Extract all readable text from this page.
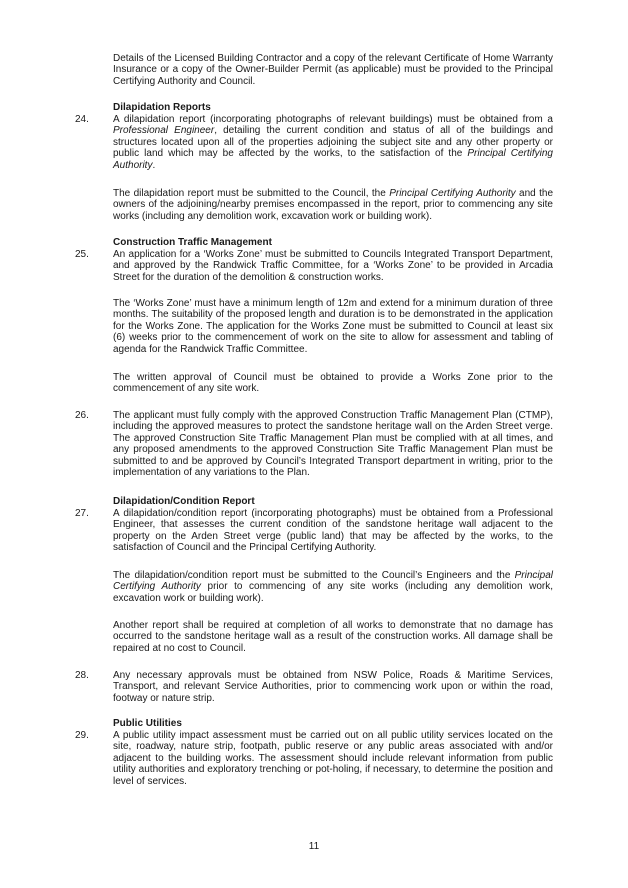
Details of the Licensed Building Contractor and a copy of the relevant Certificate of Home Warranty Insurance or a copy of the Owner-Builder Permit (as applicable) must be provided to the Principal Certifying Authority and Council.

Dilapidation Reports
24. A dilapidation report (incorporating photographs of relevant buildings) must be obtained from a Professional Engineer, detailing the current condition and status of all of the buildings and structures located upon all of the properties adjoining the subject site and any other property or public land which may be affected by the works, to the satisfaction of the Principal Certifying Authority.

The dilapidation report must be submitted to the Council, the Principal Certifying Authority and the owners of the adjoining/nearby premises encompassed in the report, prior to commencing any site works (including any demolition work, excavation work or building work).

Construction Traffic Management
25. An application for a ‘Works Zone’ must be submitted to Councils Integrated Transport Department, and approved by the Randwick Traffic Committee, for a ‘Works Zone’ to be provided in Arcadia Street for the duration of the demolition & construction works.

The ‘Works Zone’ must have a minimum length of 12m and extend for a minimum duration of three months. The suitability of the proposed length and duration is to be demonstrated in the application for the Works Zone. The application for the Works Zone must be submitted to Council at least six (6) weeks prior to the commencement of work on the site to allow for assessment and tabling of agenda for the Randwick Traffic Committee.

The written approval of Council must be obtained to provide a Works Zone prior to the commencement of any site work.

26. The applicant must fully comply with the approved Construction Traffic Management Plan (CTMP), including the approved measures to protect the sandstone heritage wall on the Arden Street verge. The approved Construction Site Traffic Management Plan must be complied with at all times, and any proposed amendments to the approved Construction Site Traffic Management Plan must be submitted to and be approved by Council’s Integrated Transport department in writing, prior to the implementation of any variations to the Plan.

Dilapidation/Condition Report
27. A dilapidation/condition report (incorporating photographs) must be obtained from a Professional Engineer, that assesses the current condition of the sandstone heritage wall adjacent to the property on the Arden Street verge (public land) that may be affected by the works, to the satisfaction of Council and the Principal Certifying Authority.

The dilapidation/condition report must be submitted to the Council’s Engineers and the Principal Certifying Authority prior to commencing of any site works (including any demolition work, excavation work or building work).

Another report shall be required at completion of all works to demonstrate that no damage has occurred to the sandstone heritage wall as a result of the construction works. All damage shall be repaired at no cost to Council.

28. Any necessary approvals must be obtained from NSW Police, Roads & Maritime Services, Transport, and relevant Service Authorities, prior to commencing work upon or within the road, footway or nature strip.

Public Utilities
29. A public utility impact assessment must be carried out on all public utility services located on the site, roadway, nature strip, footpath, public reserve or any public areas associated with and/or adjacent to the building works. The assessment should include relevant information from public utility authorities and exploratory trenching or pot-holing, if necessary, to determine the position and level of services.

11
